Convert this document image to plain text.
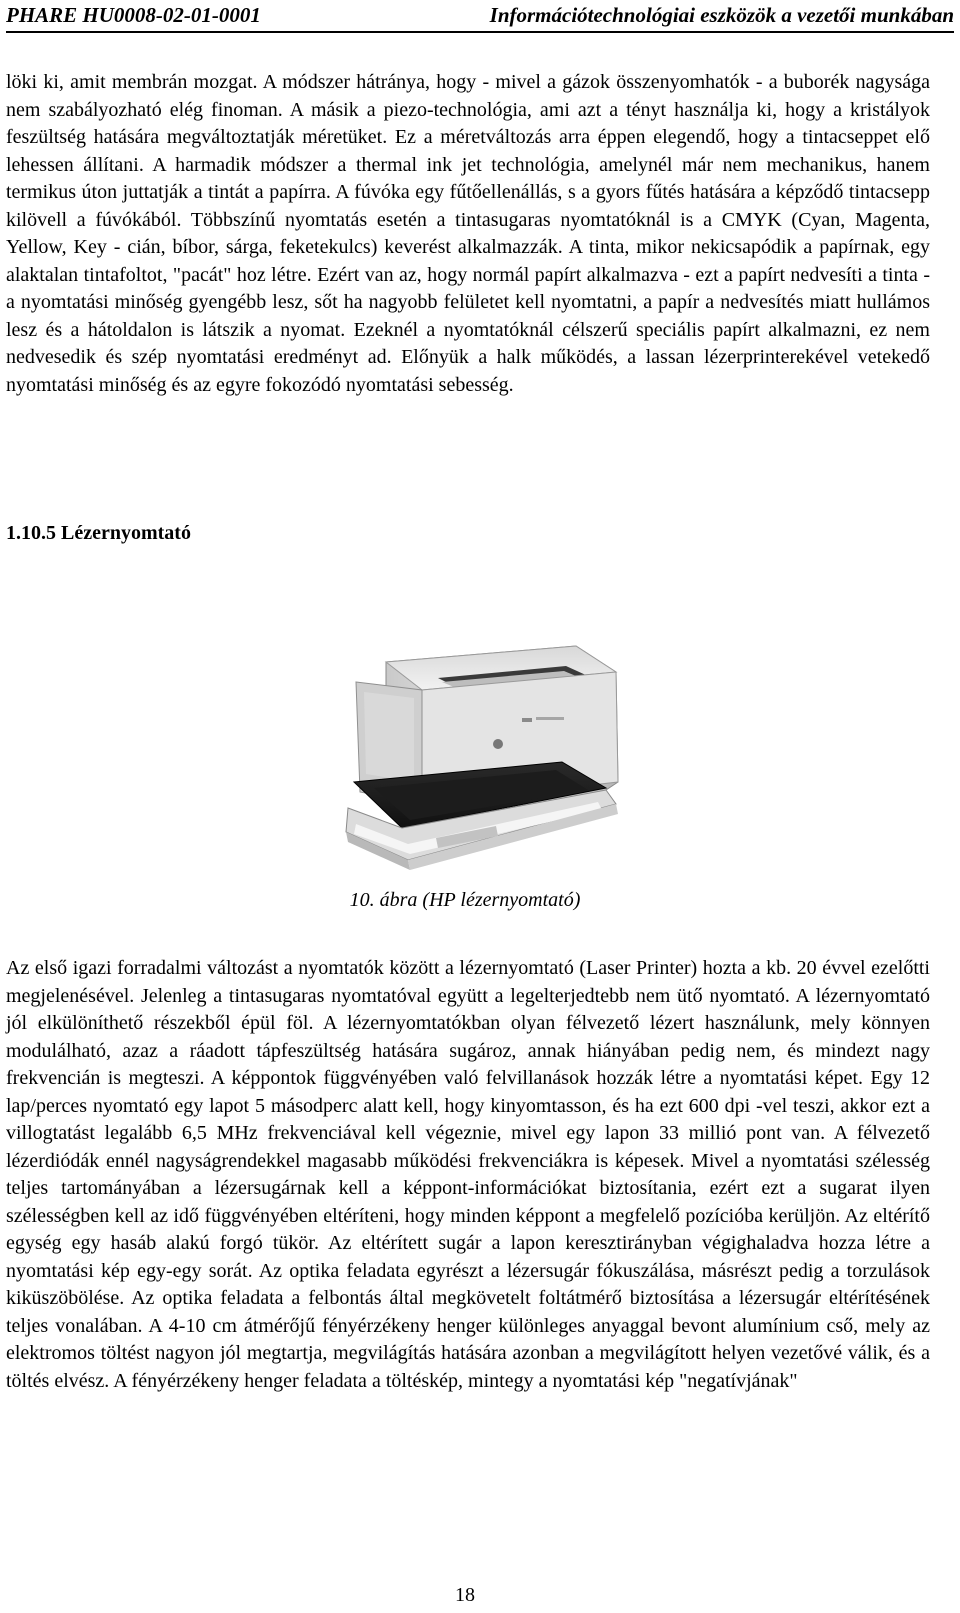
PHARE HU0008-02-01-0001	Információtechnológiai eszközök a vezetői munkában

löki ki, amit membrán mozgat. A módszer hátránya, hogy - mivel a gázok összenyomhatók - a buborék nagysága nem szabályozható elég finoman. A másik a piezo-technológia, ami azt a tényt használja ki, hogy a kristályok feszültség hatására megváltoztatják méretüket. Ez a méretváltozás arra éppen elegendő, hogy a tintacseppet elő lehessen állítani. A harmadik módszer a thermal ink jet technológia, amelynél már nem mechanikus, hanem termikus úton juttatják a tintát a papírra. A fúvóka egy fűtőellenállás, s a gyors fűtés hatására a képződő tintacsepp kilövell a fúvókából. Többszínű nyomtatás esetén a tintasugaras nyomtatóknál is a CMYK (Cyan, Magenta, Yellow, Key - cián, bíbor, sárga, feketekulcs) keverést alkalmazzák. A tinta, mikor nekicsapódik a papírnak, egy alaktalan tintafoltot, "pacát" hoz létre. Ezért van az, hogy normál papírt alkalmazva - ezt a papírt nedvesíti a tinta - a nyomtatási minőség gyengébb lesz, sőt ha nagyobb felületet kell nyomtatni, a papír a nedvesítés miatt hullámos lesz és a hátoldalon is látszik a nyomat. Ezeknél a nyomtatóknál célszerű speciális papírt alkalmazni, ez nem nedvesedik és szép nyomtatási eredményt ad. Előnyük a halk működés, a lassan lézerprinterekével vetekedő nyomtatási minőség és az egyre fokozódó nyomtatási sebesség.

1.10.5 Lézernyomtató
10. ábra (HP lézernyomtató)

Az első igazi forradalmi változást a nyomtatók között a lézernyomtató (Laser Printer) hozta a kb. 20 évvel ezelőtti megjelenésével. Jelenleg a tintasugaras nyomtatóval együtt a legelterjedtebb nem ütő nyomtató. A lézernyomtató jól elkülöníthető részekből épül föl. A lézernyomtatókban olyan félvezető lézert használunk, mely könnyen modulálható, azaz a ráadott tápfeszültség hatására sugároz, annak hiányában pedig nem, és mindezt nagy frekvencián is megteszi. A képpontok függvényében való felvillanások hozzák létre a nyomtatási képet. Egy 12 lap/perces nyomtató egy lapot 5 másodperc alatt kell, hogy kinyomtasson, és ha ezt 600 dpi -vel teszi, akkor ezt a villogtatást legalább 6,5 MHz frekvenciával kell végeznie, mivel egy lapon 33 millió pont van. A félvezető lézerdiódák ennél nagyságrendekkel magasabb működési frekvenciákra is képesek. Mivel a nyomtatási szélesség teljes tartományában a lézersugárnak kell a képpont-információkat biztosítania, ezért ezt a sugarat ilyen szélességben kell az idő függvényében eltéríteni, hogy minden képpont a megfelelő pozícióba kerüljön. Az eltérítő egység egy hasáb alakú forgó tükör. Az eltérített sugár a lapon keresztirányban végighaladva hozza létre a nyomtatási kép egy-egy sorát. Az optika feladata egyrészt a lézersugár fókuszálása, másrészt pedig a torzulások kiküszöbölése. Az optika feladata a felbontás által megkövetelt foltátmérő biztosítása a lézersugár eltérítésének teljes vonalában. A 4-10 cm átmérőjű fényérzékeny henger különleges anyaggal bevont alumínium cső, mely az elektromos töltést nagyon jól megtartja, megvilágítás hatására azonban a megvilágított helyen vezetővé válik, és a töltés elvész. A fényérzékeny henger feladata a töltéskép, mintegy a nyomtatási kép "negatívjának"

18
